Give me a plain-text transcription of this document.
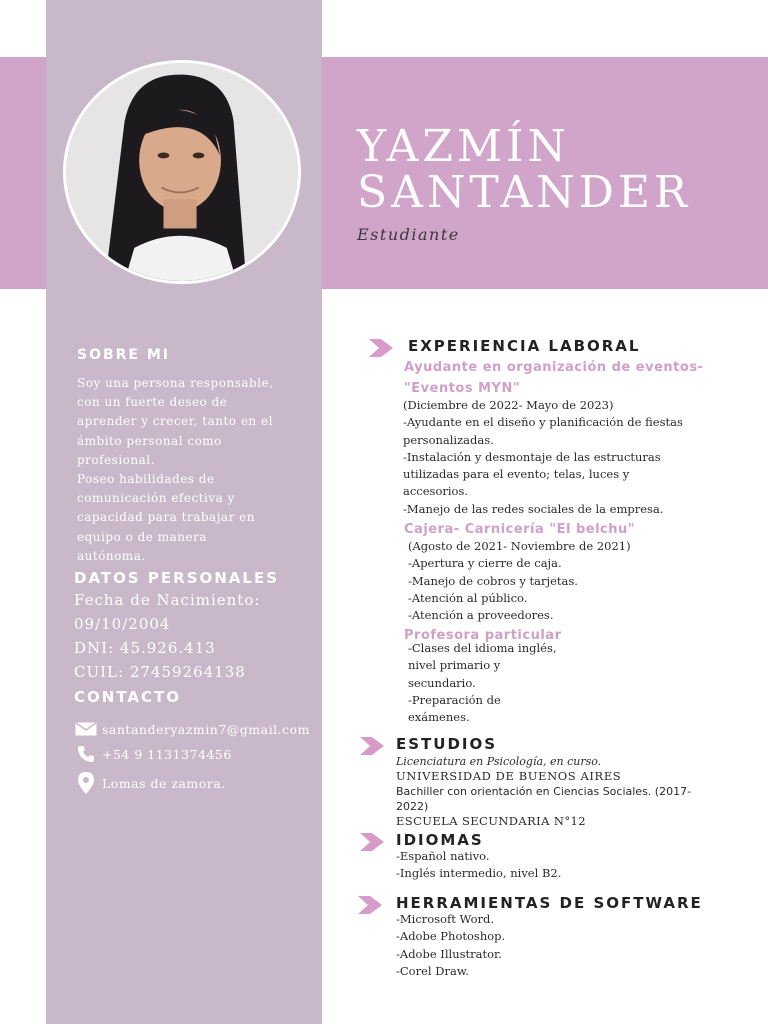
YAZMÍN
SANTANDER
Estudiante
SOBRE MI
Soy una persona responsable,
con un fuerte deseo de
aprender y crecer, tanto en el
ámbito personal como
profesional.
Poseo habilidades de
comunicación efectiva y
capacidad para trabajar en
equipo o de manera
autónoma.
DATOS PERSONALES
Fecha de Nacimiento:
09/10/2004
DNI: 45.926.413
CUIL: 27459264138
CONTACTO
santanderyazmin7@gmail.com
+54 9 1131374456
Lomas de zamora.
EXPERIENCIA LABORAL
Ayudante en organización de eventos-
"Eventos MYN"
(Diciembre de 2022- Mayo de 2023)
-Ayudante en el diseño y planificación de fiestas
personalizadas.
-Instalación y desmontaje de las estructuras
utilizadas para el evento; telas, luces y
accesorios.
-Manejo de las redes sociales de la empresa.
Cajera- Carnicería "El belchu"
(Agosto de 2021- Noviembre de 2021)
-Apertura y cierre de caja.
-Manejo de cobros y tarjetas.
-Atención al público.
-Atención a proveedores.
Profesora particular
-Clases del idioma inglés,
nivel primario y
secundario.
-Preparación de
exámenes.
ESTUDIOS
Licenciatura en Psicología, en curso.
UNIVERSIDAD DE BUENOS AIRES
Bachiller con orientación en Ciencias Sociales. (2017-
2022)
ESCUELA SECUNDARIA N°12
IDIOMAS
-Español nativo.
-Inglés intermedio, nivel B2.
HERRAMIENTAS DE SOFTWARE
-Microsoft Word.
-Adobe Photoshop.
-Adobe Illustrator.
-Corel Draw.
